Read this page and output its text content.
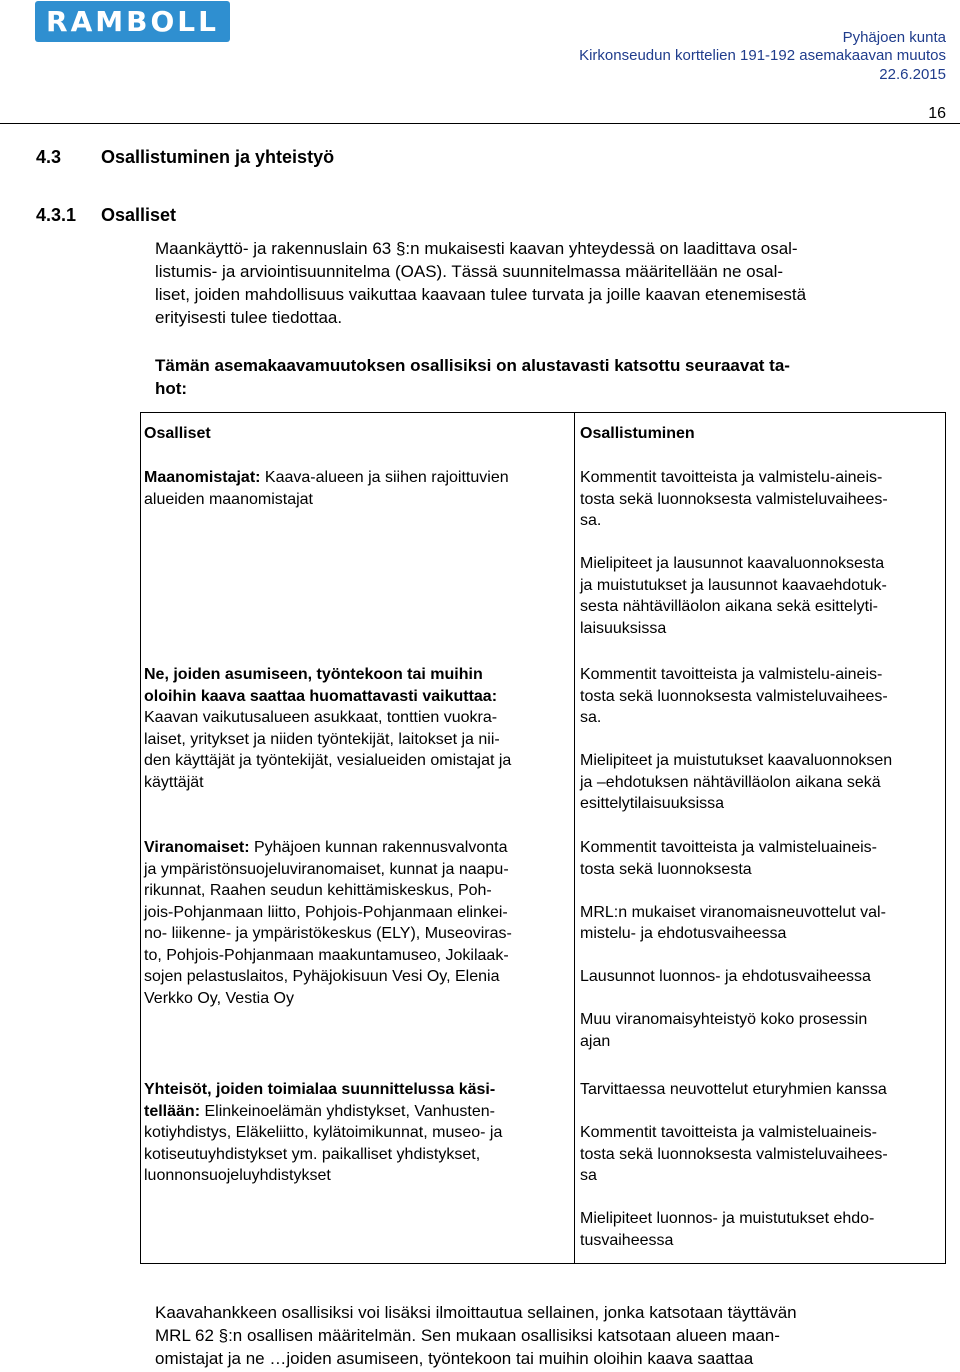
RAMBOLL	Pyhäjoen kunta
Kirkonseudun korttelien 191-192 asemakaavan muutos
22.6.2015
16
4.3 Osallistuminen ja yhteistyö
4.3.1 Osalliset
Maankäyttö- ja rakennuslain 63 §:n mukaisesti kaavan yhteydessä on laadittava osal-
listumis- ja arviointisuunnitelma (OAS). Tässä suunnitelmassa määritellään ne osal-
liset, joiden mahdollisuus vaikuttaa kaavaan tulee turvata ja joille kaavan etenemisestä
erityisesti tulee tiedottaa.
Tämän asemakaavamuutoksen osallisiksi on alustavasti katsottu seuraavat ta-
hot:
Osalliset	Osallistuminen
Maanomistajat: Kaava-alueen ja siihen rajoittuvien
alueiden maanomistajat
Kommentit tavoitteista ja valmistelu-aineis-
tosta sekä luonnoksesta valmisteluvaihees-
sa.

Mielipiteet ja lausunnot kaavaluonnoksesta
ja muistutukset ja lausunnot kaavaehdotuk-
sesta nähtävilläolon aikana sekä esittelyti-
laisuuksissa
Ne, joiden asumiseen, työntekoon tai muihin
oloihin kaava saattaa huomattavasti vaikuttaa:
Kaavan vaikutusalueen asukkaat, tonttien vuokra-
laiset, yritykset ja niiden työntekijät, laitokset ja nii-
den käyttäjät ja työntekijät, vesialueiden omistajat ja
käyttäjät
Kommentit tavoitteista ja valmistelu-aineis-
tosta sekä luonnoksesta valmisteluvaihees-
sa.

Mielipiteet ja muistutukset kaavaluonnoksen
ja –ehdotuksen nähtävilläolon aikana sekä
esittelytilaisuuksissa
Viranomaiset: Pyhäjoen kunnan rakennusvalvonta
ja ympäristönsuojeluviranomaiset, kunnat ja naapu-
rikunnat, Raahen seudun kehittämiskeskus, Poh-
jois-Pohjanmaan liitto, Pohjois-Pohjanmaan elinkei-
no- liikenne- ja ympäristökeskus (ELY), Museoviras-
to, Pohjois-Pohjanmaan maakuntamuseo, Jokilaak-
sojen pelastuslaitos, Pyhäjokisuun Vesi Oy, Elenia
Verkko Oy, Vestia Oy
Kommentit tavoitteista ja valmisteluaineis-
tosta sekä luonnoksesta

MRL:n mukaiset viranomaisneuvottelut val-
mistelu- ja ehdotusvaiheessa

Lausunnot luonnos- ja ehdotusvaiheessa

Muu viranomaisyhteistyö koko prosessin
ajan
Yhteisöt, joiden toimialaa suunnittelussa käsi-
tellään: Elinkeinoelämän yhdistykset, Vanhusten-
kotiyhdistys, Eläkeliitto, kylätoimikunnat, museo- ja
kotiseutuyhdistykset ym. paikalliset yhdistykset,
luonnonsuojeluyhdistykset
Tarvittaessa neuvottelut eturyhmien kanssa

Kommentit tavoitteista ja valmisteluaineis-
tosta sekä luonnoksesta valmisteluvaihees-
sa

Mielipiteet luonnos- ja muistutukset ehdo-
tusvaiheessa
Kaavahankkeen osallisiksi voi lisäksi ilmoittautua sellainen, jonka katsotaan täyttävän
MRL 62 §:n osallisen määritelmän. Sen mukaan osallisiksi katsotaan alueen maan-
omistajat ja ne …joiden asumiseen, työntekoon tai muihin oloihin kaava saattaa
